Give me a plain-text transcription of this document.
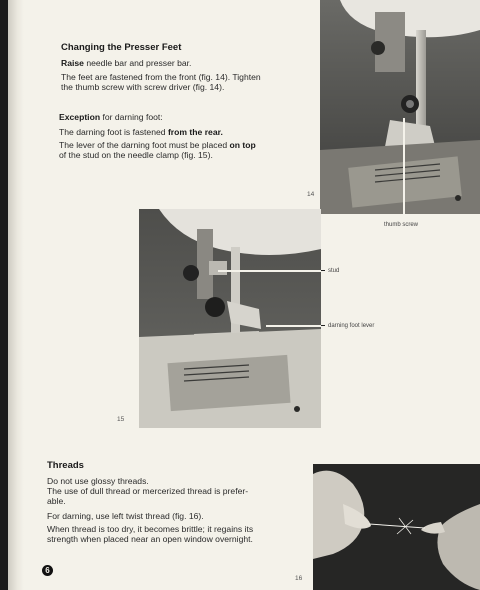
Changing the Presser Feet
Raise needle bar and presser bar.
The feet are fastened from the front (fig. 14). Tighten
the thumb screw with screw driver (fig. 14).
Exception for darning foot:
The darning foot is fastened from the rear.
The lever of the darning foot must be placed on top
of the stud on the needle clamp (fig. 15).
14
thumb screw
stud
darning foot lever
15
Threads
Do not use glossy threads.
The use of dull thread or mercerized thread is prefer-
able.
For darning, use left twist thread (fig. 16).
When thread is too dry, it becomes brittle; it regains its
strength when placed near an open window overnight.
16
6
